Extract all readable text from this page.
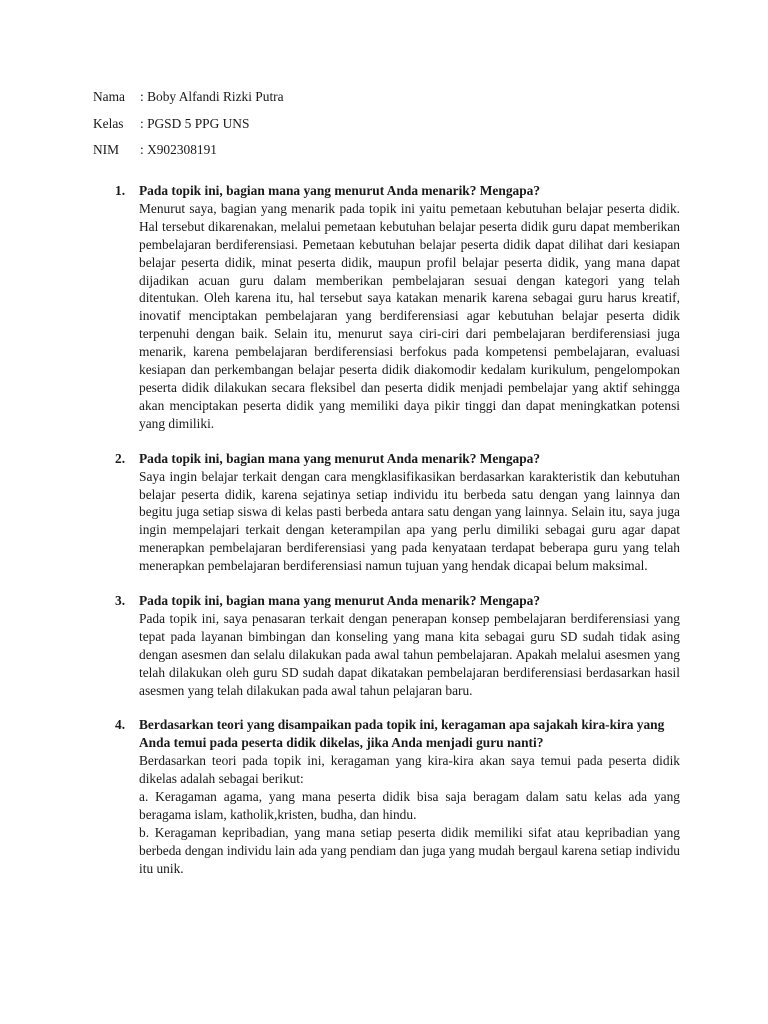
Nama	: Boby Alfandi Rizki Putra
Kelas	: PGSD 5 PPG UNS
NIM	: X902308191
1. Pada topik ini, bagian mana yang menurut Anda menarik? Mengapa?

Menurut saya, bagian yang menarik pada topik ini yaitu pemetaan kebutuhan belajar peserta didik. Hal tersebut dikarenakan, melalui pemetaan kebutuhan belajar peserta didik guru dapat memberikan pembelajaran berdiferensiasi. Pemetaan kebutuhan belajar peserta didik dapat dilihat dari kesiapan belajar peserta didik, minat peserta didik, maupun profil belajar peserta didik, yang mana dapat dijadikan acuan guru dalam memberikan pembelajaran sesuai dengan kategori yang telah ditentukan. Oleh karena itu, hal tersebut saya katakan menarik karena sebagai guru harus kreatif, inovatif menciptakan pembelajaran yang berdiferensiasi agar kebutuhan belajar peserta didik terpenuhi dengan baik. Selain itu, menurut saya ciri-ciri dari pembelajaran berdiferensiasi juga menarik, karena pembelajaran berdiferensiasi berfokus pada kompetensi pembelajaran, evaluasi kesiapan dan perkembangan belajar peserta didik diakomodir kedalam kurikulum, pengelompokan peserta didik dilakukan secara fleksibel dan peserta didik menjadi pembelajar yang aktif sehingga akan menciptakan peserta didik yang memiliki daya pikir tinggi dan dapat meningkatkan potensi yang dimiliki.

2. Pada topik ini, bagian mana yang menurut Anda menarik? Mengapa?

Saya ingin belajar terkait dengan cara mengklasifikasikan berdasarkan karakteristik dan kebutuhan belajar peserta didik, karena sejatinya setiap individu itu berbeda satu dengan yang lainnya dan begitu juga setiap siswa di kelas pasti berbeda antara satu dengan yang lainnya. Selain itu, saya juga ingin mempelajari terkait dengan keterampilan apa yang perlu dimiliki sebagai guru agar dapat menerapkan pembelajaran berdiferensiasi yang pada kenyataan terdapat beberapa guru yang telah menerapkan pembelajaran berdiferensiasi namun tujuan yang hendak dicapai belum maksimal.

3. Pada topik ini, bagian mana yang menurut Anda menarik? Mengapa?

Pada topik ini, saya penasaran terkait dengan penerapan konsep pembelajaran berdiferensiasi yang tepat pada layanan bimbingan dan konseling yang mana kita sebagai guru SD sudah tidak asing dengan asesmen dan selalu dilakukan pada awal tahun pembelajaran. Apakah melalui asesmen yang telah dilakukan oleh guru SD sudah dapat dikatakan pembelajaran berdiferensiasi berdasarkan hasil asesmen yang telah dilakukan pada awal tahun pelajaran baru.

4. Berdasarkan teori yang disampaikan pada topik ini, keragaman apa sajakah kira-kira yang Anda temui pada peserta didik dikelas, jika Anda menjadi guru nanti?

Berdasarkan teori pada topik ini, keragaman yang kira-kira akan saya temui pada peserta didik dikelas adalah sebagai berikut:

a. Keragaman agama, yang mana peserta didik bisa saja beragam dalam satu kelas ada yang beragama islam, katholik,kristen, budha, dan hindu.

b. Keragaman kepribadian, yang mana setiap peserta didik memiliki sifat atau kepribadian yang berbeda dengan individu lain ada yang pendiam dan juga yang mudah bergaul karena setiap individu itu unik.
